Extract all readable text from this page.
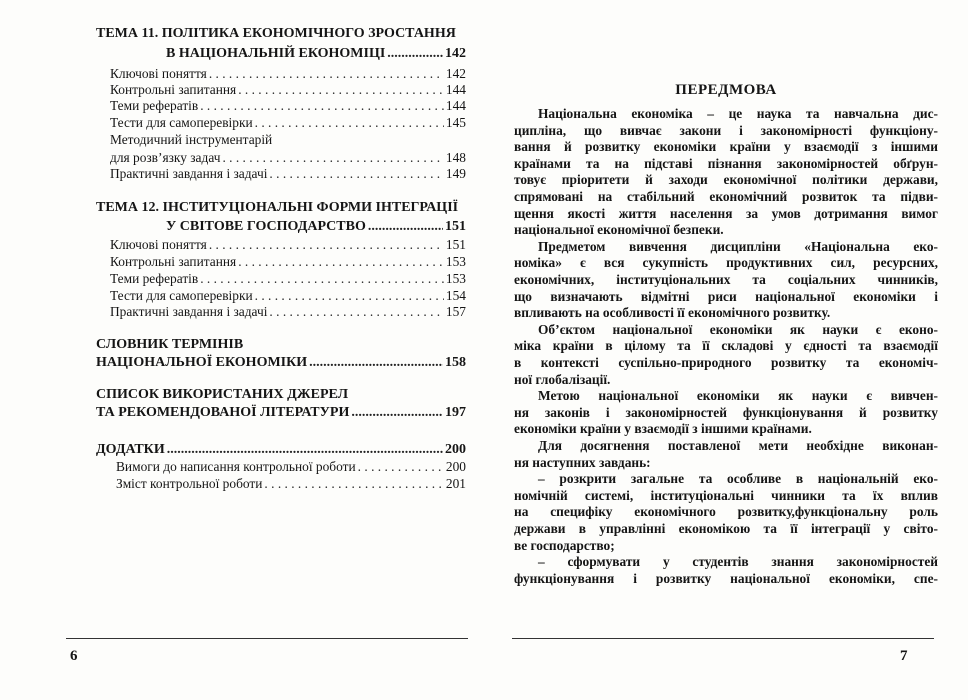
ТЕМА 11. ПОЛІТИКА ЕКОНОМІЧНОГО ЗРОСТАННЯ
В НАЦІОНАЛЬНІЙ ЕКОНОМІЦІ .....	142
Ключові поняття . . .	142
Контрольні запитання . . .	144
Теми рефератів . . .	144
Тести для самоперевірки . . .	145
Методичний інструментарій
для розв’язку задач . . .	148
Практичні завдання і задачі . . .	149
ТЕМА 12. ІНСТИТУЦІОНАЛЬНІ ФОРМИ ІНТЕГРАЦІЇ
У СВІТОВЕ ГОСПОДАРСТВО .....	151
Ключові поняття . . .	151
Контрольні запитання . . .	153
Теми рефератів . . .	153
Тести для самоперевірки . . .	154
Практичні завдання і задачі . . .	157
СЛОВНИК ТЕРМІНІВ
НАЦІОНАЛЬНОЇ ЕКОНОМІКИ .....	158
СПИСОК ВИКОРИСТАНИХ ДЖЕРЕЛ
ТА РЕКОМЕНДОВАНОЇ ЛІТЕРАТУРИ .....	197
ДОДАТКИ .....	200
Вимоги до написання контрольної роботи . . .	200
Зміст контрольної роботи . . .	201
6
ПЕРЕДМОВА
Національна економіка – це наука та навчальна дис-
ципліна, що вивчає закони і закономірності функціону-
вання й розвитку економіки країни у взаємодії з іншими
країнами та на підставі пізнання закономірностей обґрун-
товує пріоритети й заходи економічної політики держави,
спрямовані на стабільний економічний розвиток та підви-
щення якості життя населення за умов дотримання вимог
національної економічної безпеки.
Предметом вивчення дисципліни «Національна еко-
номіка» є вся сукупність продуктивних сил, ресурсних,
економічних, інституціональних та соціальних чинників,
що визначають відмітні риси національної економіки і
впливають на особливості її економічного розвитку.
Об’єктом національної економіки як науки є еконо-
міка країни в цілому та її складові у єдності та взаємодії
в контексті суспільно-природного розвитку та економіч-
ної глобалізації.
Метою національної економіки як науки є вивчен-
ня законів і закономірностей функціонування й розвитку
економіки країни у взаємодії з іншими країнами.
Для досягнення поставленої мети необхідне виконан-
ня наступних завдань:
– розкрити загальне та особливе в національній еко-
номічній системі, інституціональні чинники та їх вплив
на специфіку економічного розвитку,функціональну роль
держави в управлінні економікою та її інтеграції у світо-
ве господарство;
– сформувати у студентів знання закономірностей
функціонування і розвитку національної економіки, спе-
7
